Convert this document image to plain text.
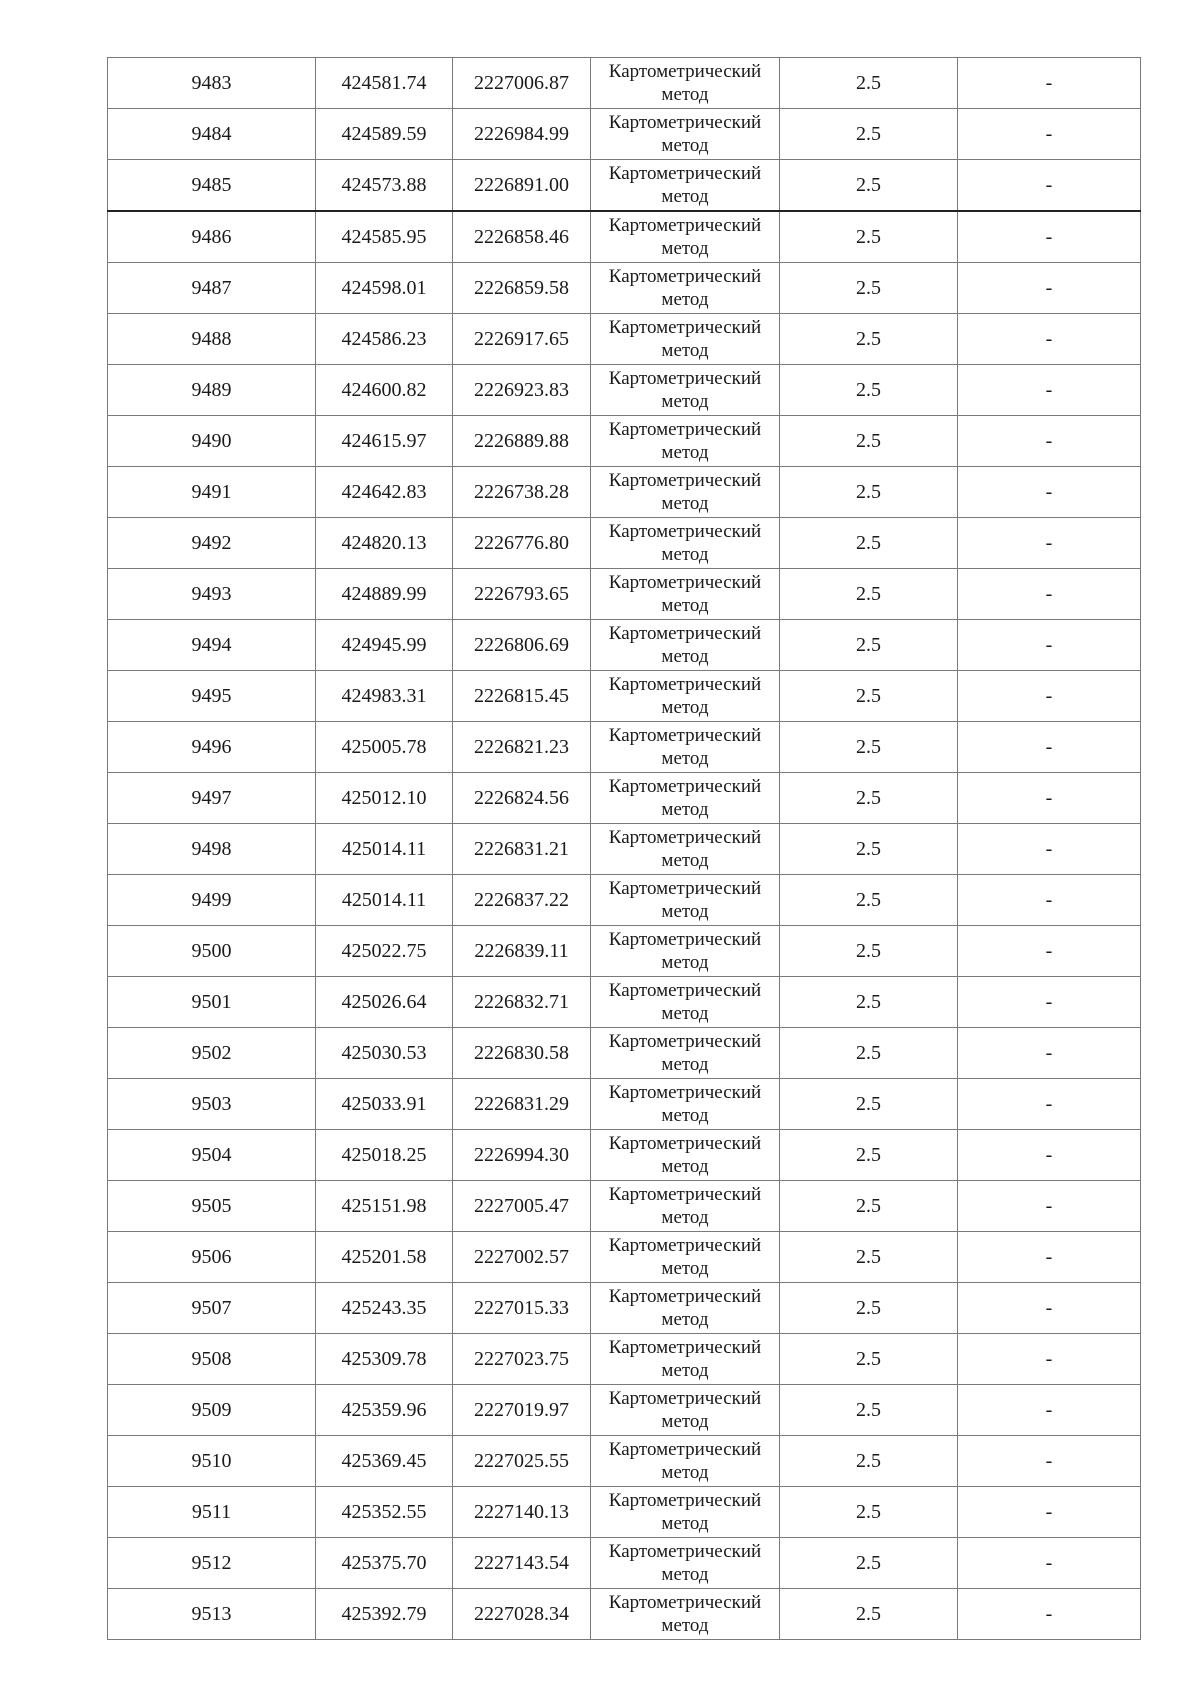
9483	424581.74	2227006.87	Картометрический метод	2.5	-
9484	424589.59	2226984.99	Картометрический метод	2.5	-
9485	424573.88	2226891.00	Картометрический метод	2.5	-
9486	424585.95	2226858.46	Картометрический метод	2.5	-
9487	424598.01	2226859.58	Картометрический метод	2.5	-
9488	424586.23	2226917.65	Картометрический метод	2.5	-
9489	424600.82	2226923.83	Картометрический метод	2.5	-
9490	424615.97	2226889.88	Картометрический метод	2.5	-
9491	424642.83	2226738.28	Картометрический метод	2.5	-
9492	424820.13	2226776.80	Картометрический метод	2.5	-
9493	424889.99	2226793.65	Картометрический метод	2.5	-
9494	424945.99	2226806.69	Картометрический метод	2.5	-
9495	424983.31	2226815.45	Картометрический метод	2.5	-
9496	425005.78	2226821.23	Картометрический метод	2.5	-
9497	425012.10	2226824.56	Картометрический метод	2.5	-
9498	425014.11	2226831.21	Картометрический метод	2.5	-
9499	425014.11	2226837.22	Картометрический метод	2.5	-
9500	425022.75	2226839.11	Картометрический метод	2.5	-
9501	425026.64	2226832.71	Картометрический метод	2.5	-
9502	425030.53	2226830.58	Картометрический метод	2.5	-
9503	425033.91	2226831.29	Картометрический метод	2.5	-
9504	425018.25	2226994.30	Картометрический метод	2.5	-
9505	425151.98	2227005.47	Картометрический метод	2.5	-
9506	425201.58	2227002.57	Картометрический метод	2.5	-
9507	425243.35	2227015.33	Картометрический метод	2.5	-
9508	425309.78	2227023.75	Картометрический метод	2.5	-
9509	425359.96	2227019.97	Картометрический метод	2.5	-
9510	425369.45	2227025.55	Картометрический метод	2.5	-
9511	425352.55	2227140.13	Картометрический метод	2.5	-
9512	425375.70	2227143.54	Картометрический метод	2.5	-
9513	425392.79	2227028.34	Картометрический метод	2.5	-
